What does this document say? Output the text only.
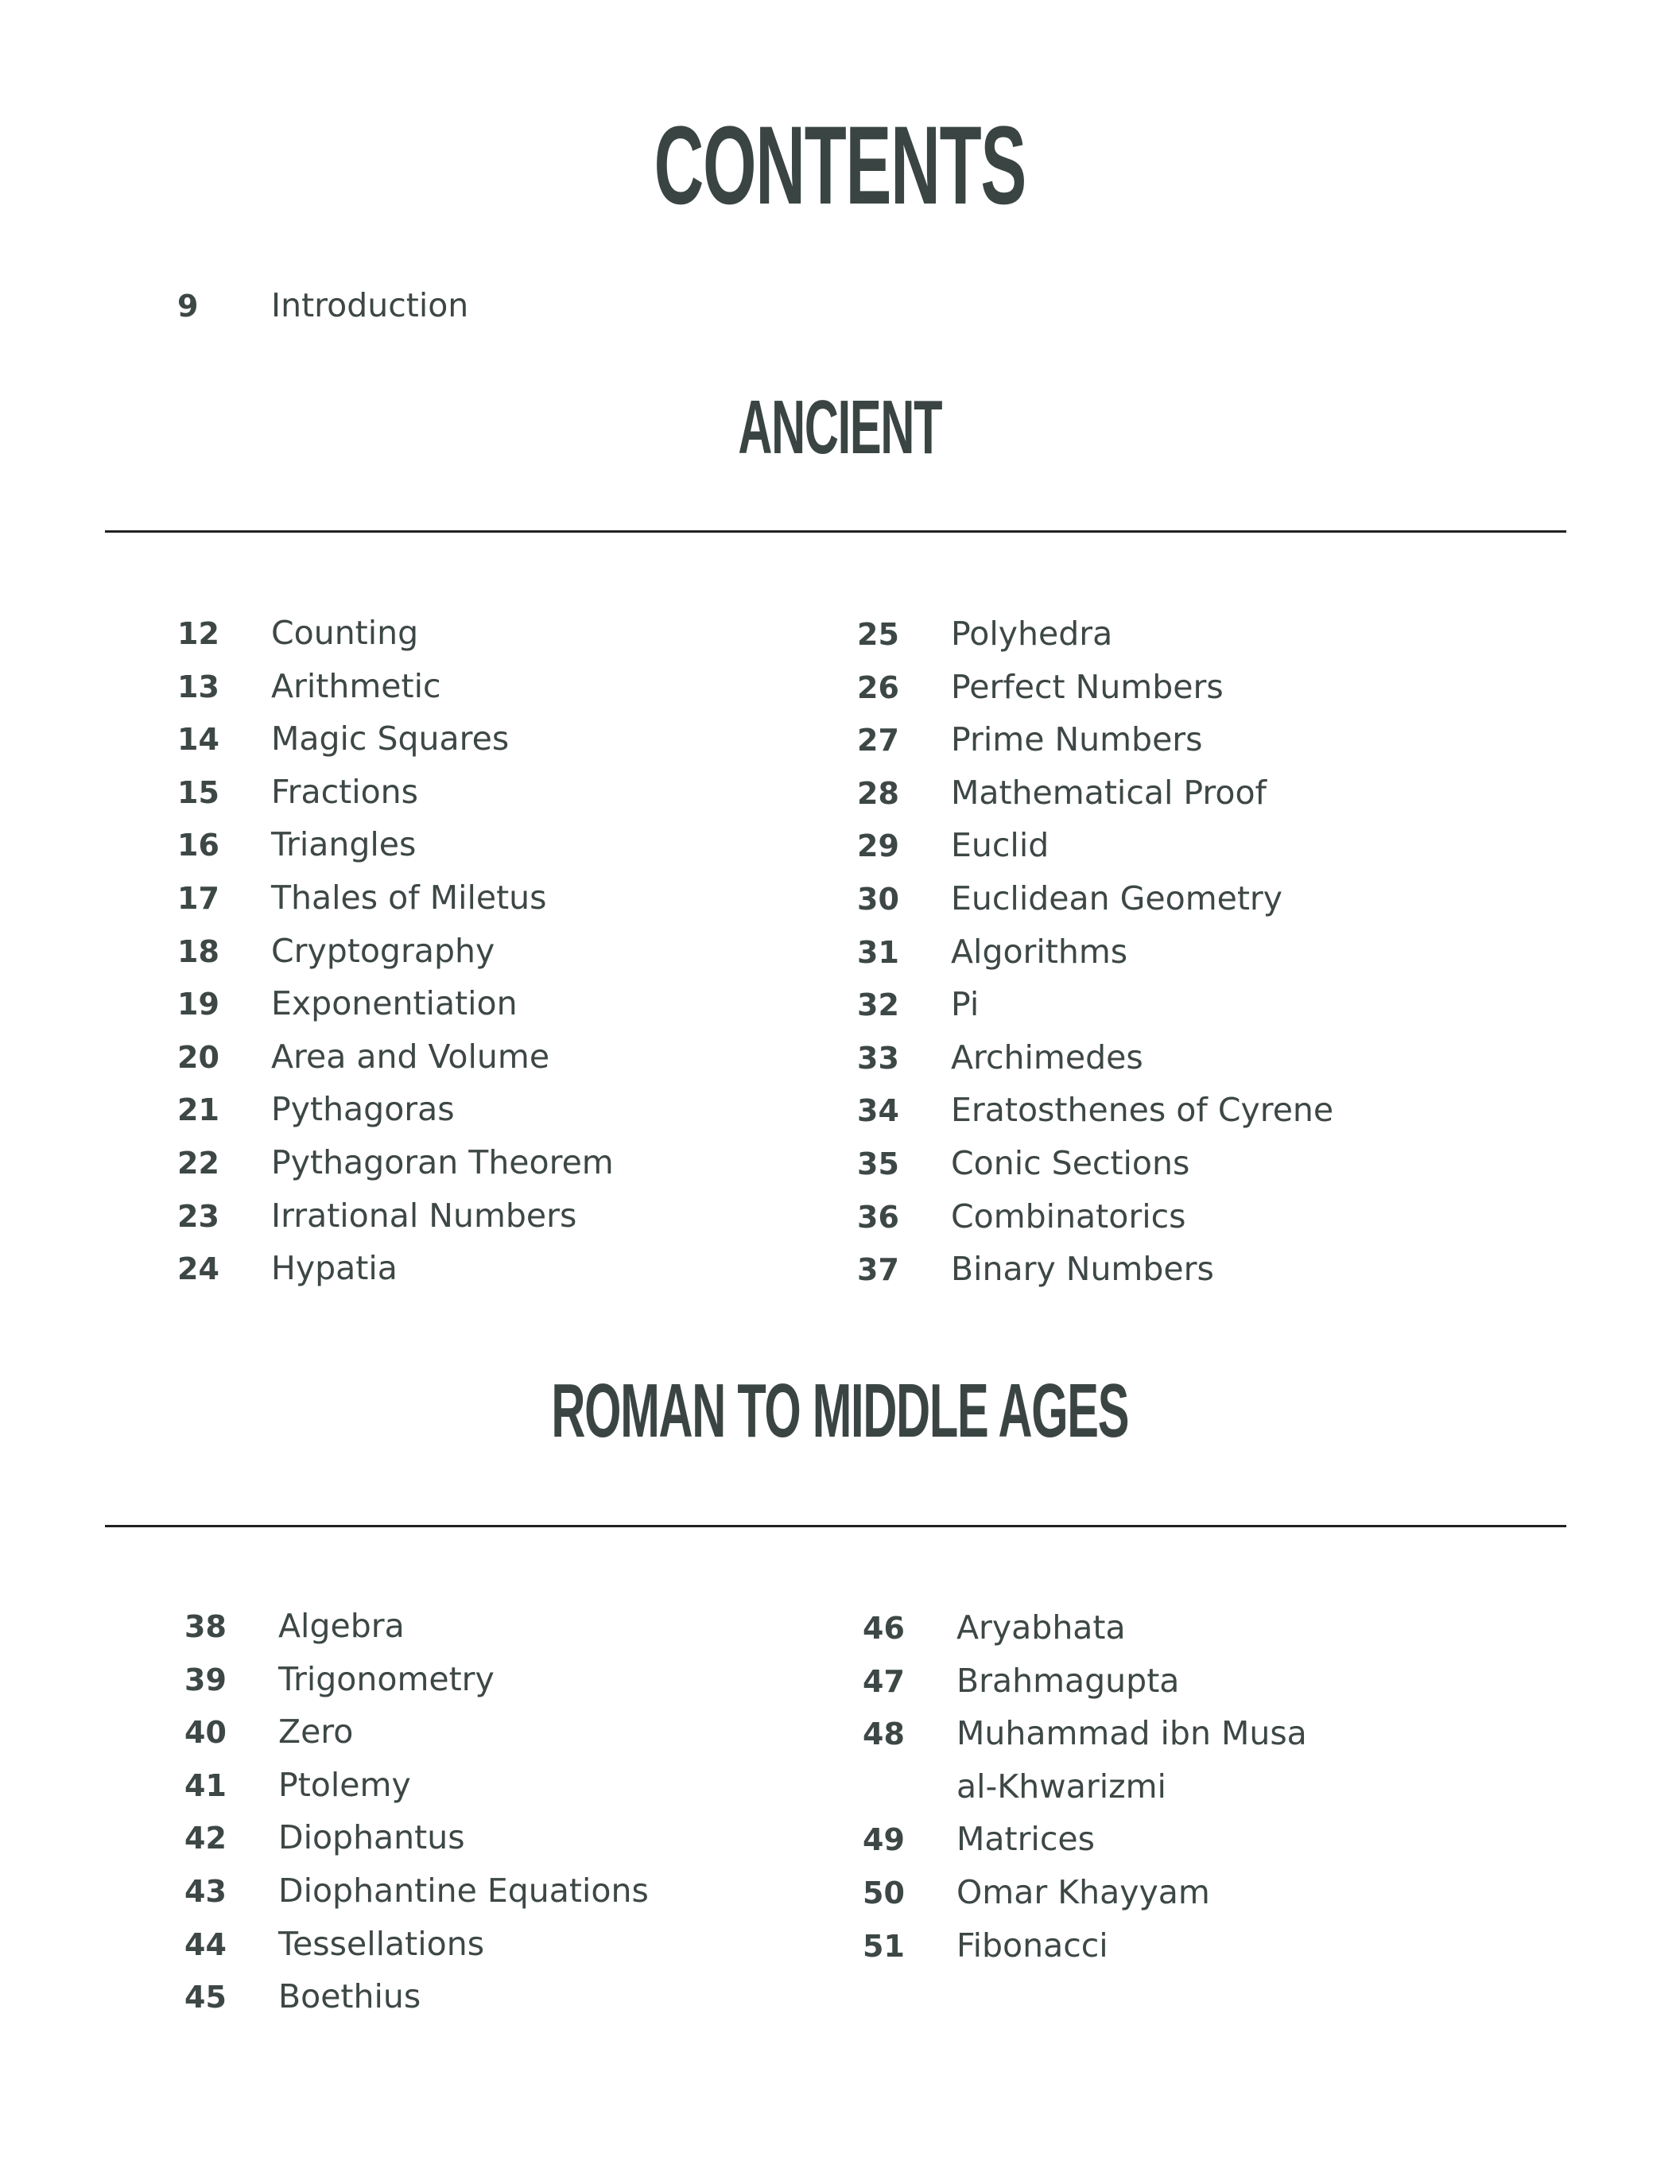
CONTENTS
9	Introduction
ANCIENT
12	Counting
13	Arithmetic
14	Magic Squares
15	Fractions
16	Triangles
17	Thales of Miletus
18	Cryptography
19	Exponentiation
20	Area and Volume
21	Pythagoras
22	Pythagoran Theorem
23	Irrational Numbers
24	Hypatia
25	Polyhedra
26	Perfect Numbers
27	Prime Numbers
28	Mathematical Proof
29	Euclid
30	Euclidean Geometry
31	Algorithms
32	Pi
33	Archimedes
34	Eratosthenes of Cyrene
35	Conic Sections
36	Combinatorics
37	Binary Numbers
ROMAN TO MIDDLE AGES
38	Algebra
39	Trigonometry
40	Zero
41	Ptolemy
42	Diophantus
43	Diophantine Equations
44	Tessellations
45	Boethius
46	Aryabhata
47	Brahmagupta
48	Muhammad ibn Musa
al-Khwarizmi
49	Matrices
50	Omar Khayyam
51	Fibonacci
